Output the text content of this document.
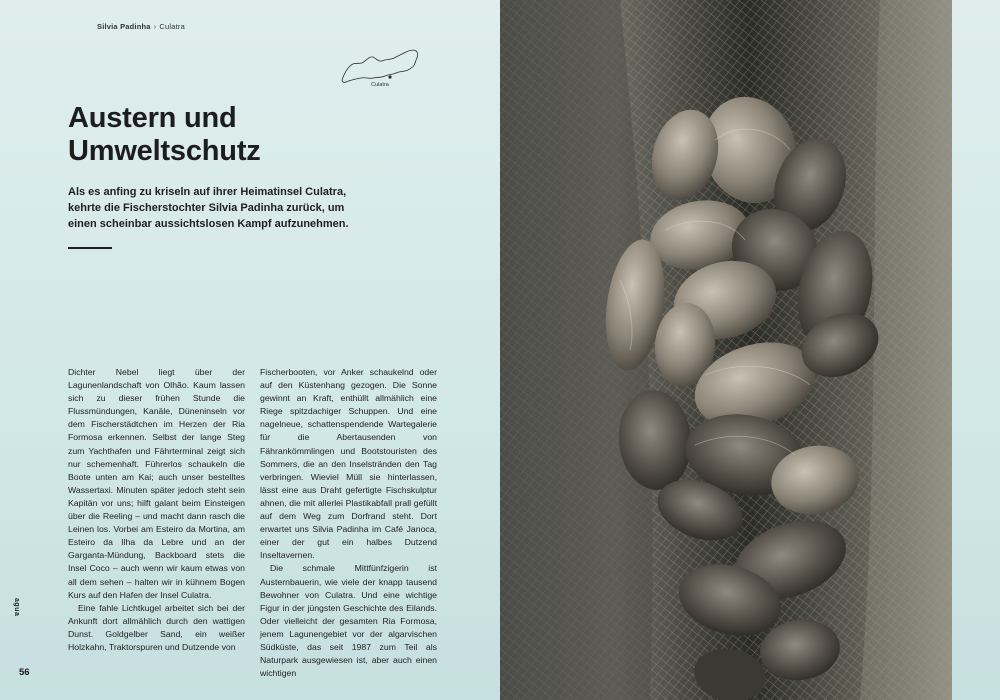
Silvia Padinha › Culatra
Culatra
Austern und Umweltschutz

Als es anfing zu kriseln auf ihrer Heimatinsel Culatra, kehrte die Fischerstochter Silvia Padinha zurück, um einen scheinbar aussichtslosen Kampf aufzunehmen.

Dichter Nebel liegt über der Lagunenlandschaft von Olhão. Kaum lassen sich zu dieser frühen Stunde die Flussmündungen, Kanäle, Düneninseln vor dem Fischerstädtchen im Herzen der Ria Formosa erkennen. Selbst der lange Steg zum Yachthafen und Fährterminal zeigt sich nur schemenhaft. Führerlos schaukeln die Boote unten am Kai; auch unser bestelltes Wassertaxi. Minuten später jedoch steht sein Kapitän vor uns; hilft galant beim Einsteigen über die Reeling – und macht dann rasch die Leinen los. Vorbei am Esteiro da Mortina, am Esteiro da Ilha da Lebre und an der Garganta-Mündung, Backboard stets die Insel Coco – auch wenn wir kaum etwas von all dem sehen – halten wir in kühnem Bogen Kurs auf den Hafen der Insel Culatra.

Eine fahle Lichtkugel arbeitet sich bei der Ankunft dort allmählich durch den wattigen Dunst. Goldgelber Sand, ein weißer Holzkahn, Traktorspuren und Dutzende von

Fischerbooten, vor Anker schaukelnd oder auf den Küstenhang gezogen. Die Sonne gewinnt an Kraft, enthüllt allmählich eine Riege spitzdachiger Schuppen. Und eine nagelneue, schattenspendende Wartegalerie für die Abertausenden von Fährankömmlingen und Bootstouristen des Sommers, die an den Inselstränden den Tag verbringen. Wieviel Müll sie hinterlassen, lässt eine aus Draht gefertigte Fischskulptur ahnen, die mit allerlei Plastikabfall prall gefüllt auf dem Weg zum Dorfrand steht. Dort erwartet uns Silvia Padinha im Café Janoca, einer der gut ein halbes Dutzend Inseltavernen.

Die schmale Mittfünfzigerin ist Austernbauerin, wie viele der knapp tausend Bewohner von Culatra. Und eine wichtige Figur in der jüngsten Geschichte des Eilands. Oder vielleicht der gesamten Ria Formosa, jenem Lagunengebiet vor der algarvischen Südküste, das seit 1987 zum Teil als Naturpark ausgewiesen ist, aber auch einen wichtigen

agua
56
